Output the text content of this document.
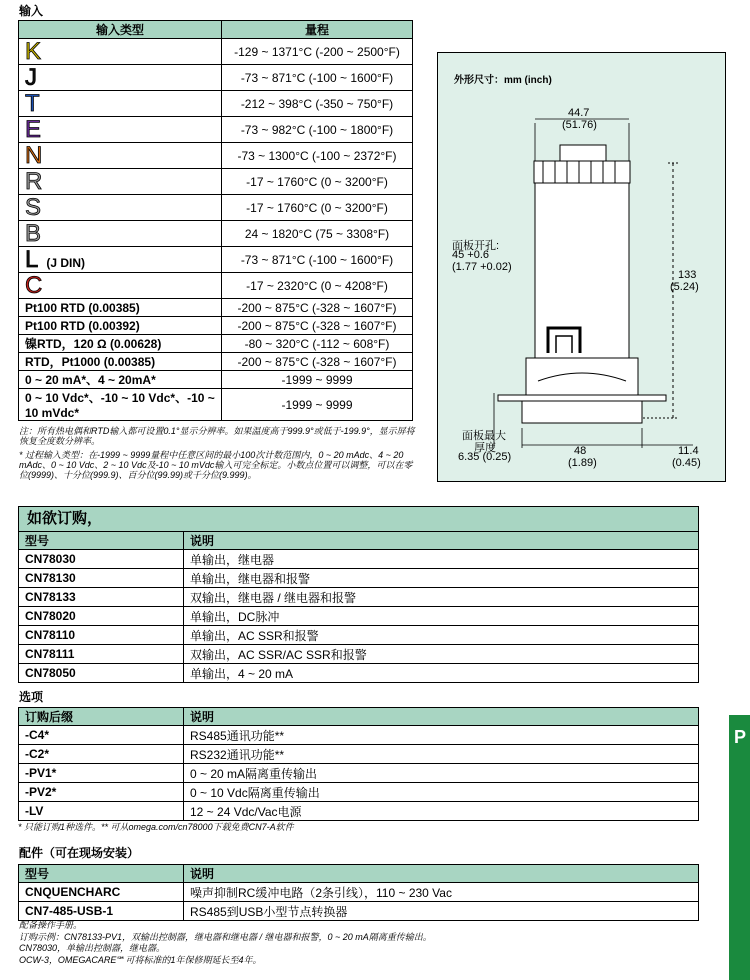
输入
输入类型	量程
K	-129 ~ 1371°C (-200 ~ 2500°F)
J	-73 ~ 871°C (-100 ~ 1600°F)
T	-212 ~ 398°C (-350 ~ 750°F)
E	-73 ~ 982°C (-100 ~ 1800°F)
N	-73 ~ 1300°C (-100 ~ 2372°F)
R	-17 ~ 1760°C (0 ~ 3200°F)
S	-17 ~ 1760°C (0 ~ 3200°F)
B	24 ~ 1820°C (75 ~ 3308°F)
L (J DIN)	-73 ~ 871°C (-100 ~ 1600°F)
C	-17 ~ 2320°C (0 ~ 4208°F)
Pt100 RTD (0.00385)	-200 ~ 875°C (-328 ~ 1607°F)
Pt100 RTD (0.00392)	-200 ~ 875°C (-328 ~ 1607°F)
镍RTD，120 Ω (0.00628)	-80 ~ 320°C (-112 ~ 608°F)
RTD，Pt1000 (0.00385)	-200 ~ 875°C (-328 ~ 1607°F)
0 ~ 20 mA*、4 ~ 20mA*	-1999 ~ 9999
0 ~ 10 Vdc*、-10 ~ 10 Vdc*、-10 ~ 10 mVdc*	-1999 ~ 9999
注：所有热电偶和RTD输入都可设置0.1°显示分辨率。如果温度高于999.9°或低于-199.9°，显示屏将恢复全度数分辨率。
* 过程输入类型：在-1999 ~ 9999量程中任意区间的最小100次计数范围内，0 ~ 20 mAdc、4 ~ 20 mAdc、0 ~ 10 Vdc、2 ~ 10 Vdc及-10 ~ 10 mVdc输入可完全标定。小数点位置可以调整，可以在零位(9999)、十分位(999.9)、百分位(99.99)或千分位(9.999)。
外形尺寸：mm (inch)
44.7
(51.76)
面板开孔:
45 +0.6
(1.77 +0.02)
133
(5.24)
面板最大
厚度
6.35 (0.25)	48
(1.89)
11.4
(0.45)
如欲订购，
型号	说明
CN78030	单输出，继电器
CN78130	单输出，继电器和报警
CN78133	双输出，继电器 / 继电器和报警
CN78020	单输出，DC脉冲
CN78110	单输出，AC SSR和报警
CN78111	双输出，AC SSR/AC SSR和报警
CN78050	单输出，4 ~ 20 mA
选项
订购后缀	说明
-C4*	RS485通讯功能**
-C2*	RS232通讯功能**
-PV1*	0 ~ 20 mA隔离重传输出
-PV2*	0 ~ 10 Vdc隔离重传输出
-LV	12 ~ 24 Vdc/Vac电源
* 只能订购1种选件。** 可从omega.com/cn78000下载免费CN7-A软件
配件（可在现场安装）
型号	说明
CNQUENCHARC	噪声抑制RC缓冲电路（2条引线），110 ~ 230 Vac
CN7-485-USB-1	RS485到USB小型节点转换器
配备操作手册。
订购示例：CN78133-PV1，双输出控制器，继电器和继电器 / 继电器和报警，0 ~ 20 mA隔离重传输出。
CN78030，单输出控制器，继电器。
OCW-3，OMEGACARE℠可将标准的1年保修期延长至4年。
P
